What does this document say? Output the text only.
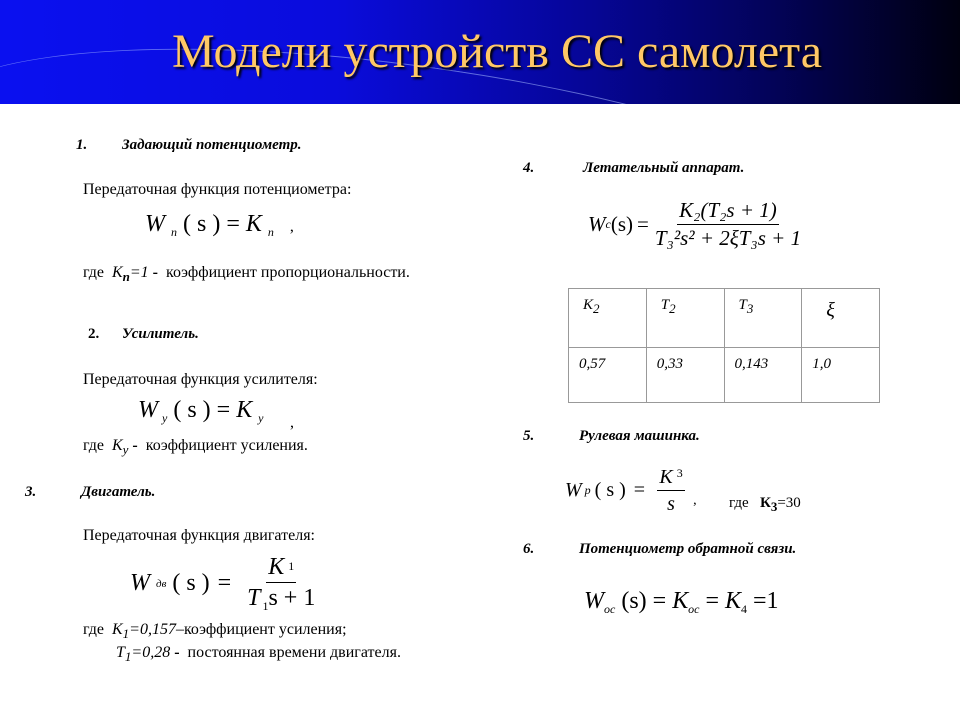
Модели устройств СС самолета
1. Задающий потенциометр.
Передаточная функция потенциометра:
W $_п$ ( s ) = К $_п$ ,
где $К_п=1$ - коэффициент пропорциональности.
2. Усилитель.
Передаточная функция усилителя:
W $_у$ ( s ) = К $_у$ ,
где $К_у$ - коэффициент усиления.
3.	Двигатель.
Передаточная функция двигателя:
W дв ( s ) = $\frac{К ^1}{T _1s + 1}$
где $К_1=0,157$–коэффициент усиления;
$Т_1=0,28$ - постоянная времени двигателя.
4.	Летательный аппарат.
W c $(s) = \frac{\text{K₂(T₂s + 1)}}{\text{T₃²s² + 2ξT₃s + 1}}$
К2	T2	T3	ξ
0,57	0,33	0,143	1,0
5.	Рулевая машинка.
W р ( s ) = $\frac{К ^3}{s}$ , где К3=30
6.	Потенциометр обратной связи.
$W_{ос}$ $(s) = К_{ос} = К_4 =1$
